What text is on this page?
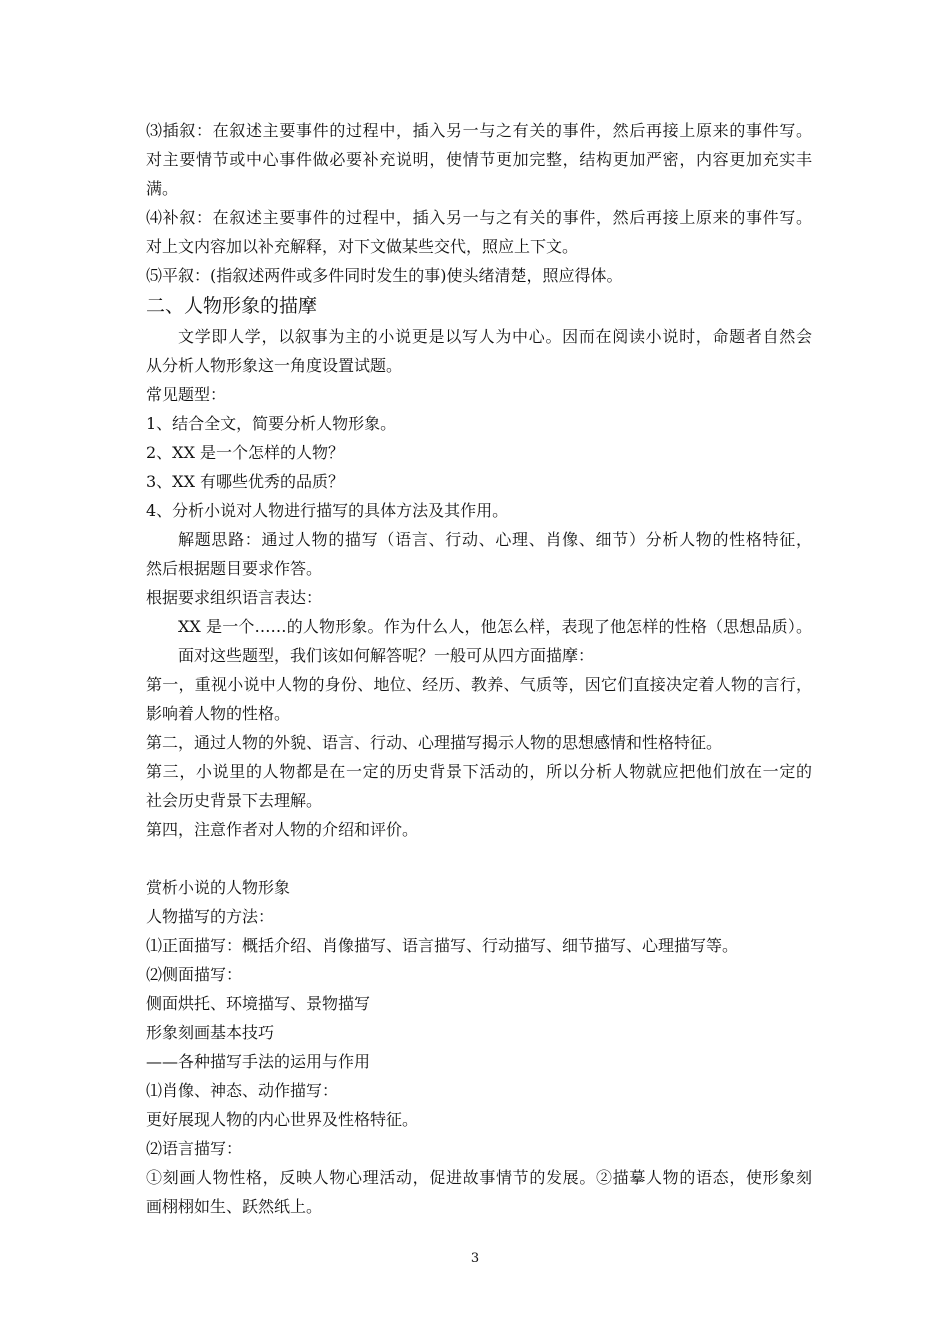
⑶插叙：在叙述主要事件的过程中，插入另一与之有关的事件，然后再接上原来的事件写。
对主要情节或中心事件做必要补充说明，使情节更加完整，结构更加严密，内容更加充实丰
满。
⑷补叙：在叙述主要事件的过程中，插入另一与之有关的事件，然后再接上原来的事件写。
对上文内容加以补充解释，对下文做某些交代，照应上下文。
⑸平叙：(指叙述两件或多件同时发生的事)使头绪清楚，照应得体。
二、人物形象的描摩
文学即人学，以叙事为主的小说更是以写人为中心。因而在阅读小说时，命题者自然会
从分析人物形象这一角度设置试题。
常见题型：
1、结合全文，简要分析人物形象。
2、XX 是一个怎样的人物？
3、XX 有哪些优秀的品质？
4、分析小说对人物进行描写的具体方法及其作用。
解题思路：通过人物的描写（语言、行动、心理、肖像、细节）分析人物的性格特征，
然后根据题目要求作答。
根据要求组织语言表达：
XX 是一个……的人物形象。作为什么人，他怎么样，表现了他怎样的性格（思想品质）。
面对这些题型，我们该如何解答呢？一般可从四方面描摩：
第一，重视小说中人物的身份、地位、经历、教养、气质等，因它们直接决定着人物的言行，
影响着人物的性格。
第二，通过人物的外貌、语言、行动、心理描写揭示人物的思想感情和性格特征。
第三，小说里的人物都是在一定的历史背景下活动的，所以分析人物就应把他们放在一定的
社会历史背景下去理解。
第四，注意作者对人物的介绍和评价。
赏析小说的人物形象
人物描写的方法：
⑴正面描写：概括介绍、肖像描写、语言描写、行动描写、细节描写、心理描写等。
⑵侧面描写：
侧面烘托、环境描写、景物描写
形象刻画基本技巧
——各种描写手法的运用与作用
⑴肖像、神态、动作描写：
更好展现人物的内心世界及性格特征。
⑵语言描写：
①刻画人物性格，反映人物心理活动，促进故事情节的发展。②描摹人物的语态，使形象刻
画栩栩如生、跃然纸上。
3
